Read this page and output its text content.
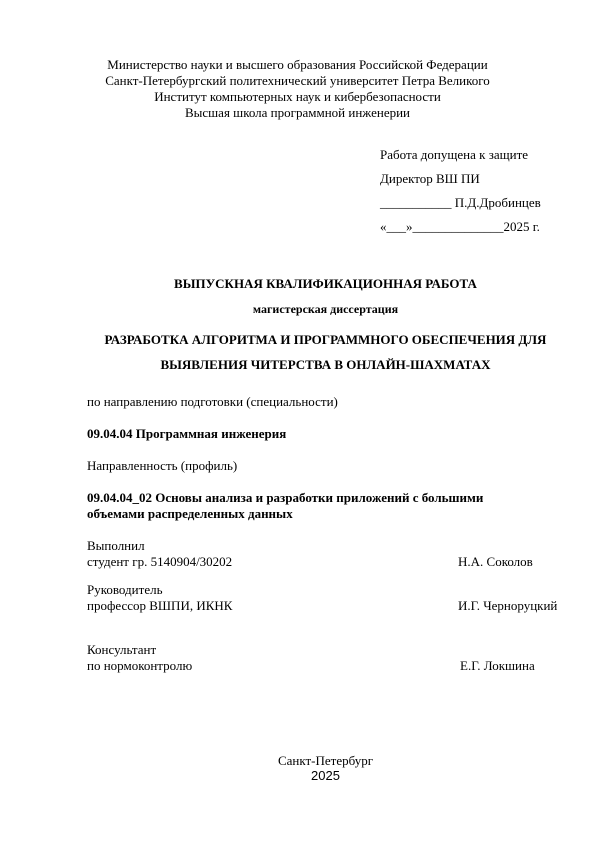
Министерство науки и высшего образования Российской Федерации
Санкт-Петербургский политехнический университет Петра Великого
Институт компьютерных наук и кибербезопасности
Высшая школа программной инженерии
Работа допущена к защите
Директор ВШ ПИ
___________ П.Д.Дробинцев
«___»______________2025 г.
ВЫПУСКНАЯ КВАЛИФИКАЦИОННАЯ РАБОТА
магистерская диссертация
РАЗРАБОТКА АЛГОРИТМА И ПРОГРАММНОГО ОБЕСПЕЧЕНИЯ ДЛЯ
ВЫЯВЛЕНИЯ ЧИТЕРСТВА В ОНЛАЙН-ШАХМАТАХ
по направлению подготовки (специальности)
09.04.04 Программная инженерия
Направленность (профиль)
09.04.04_02 Основы анализа и разработки приложений с большими
объемами распределенных данных
Выполнил
студент гр. 5140904/30202	Н.А. Соколов
Руководитель
профессор ВШПИ, ИКНК	И.Г. Черноруцкий
Консультант
по нормоконтролю	Е.Г. Локшина
Санкт-Петербург
2025
